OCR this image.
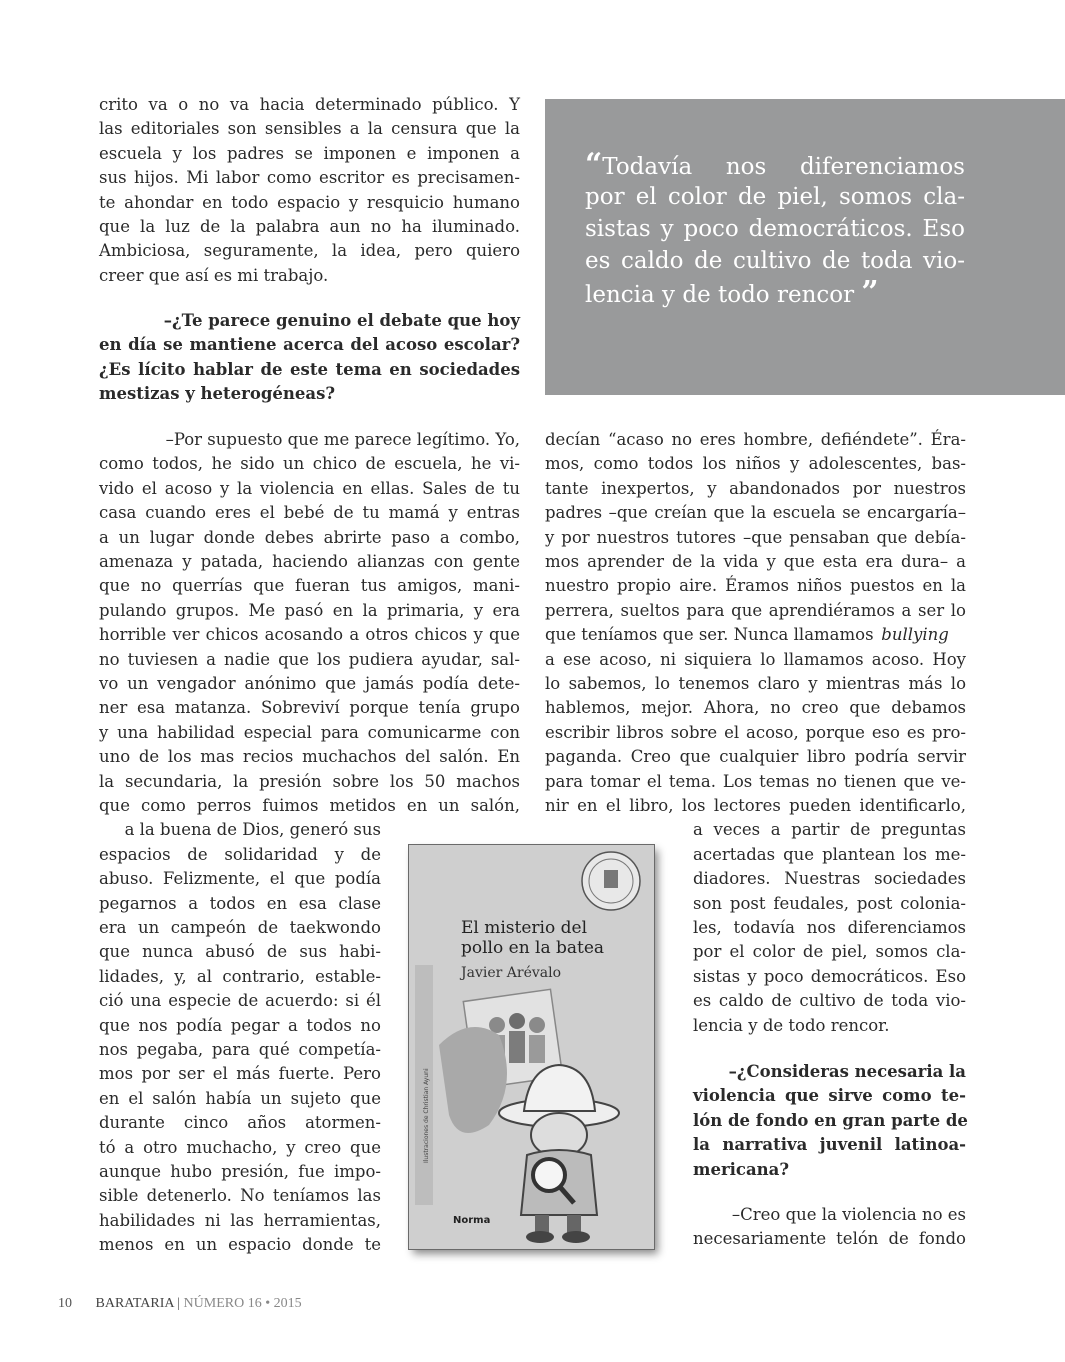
crito va o no va hacia determinado público. Y
las editoriales son sensibles a la censura que la
escuela y los padres se imponen e imponen a
sus hijos. Mi labor como escritor es precisamen-
te ahondar en todo espacio y resquicio humano
que la luz de la palabra aun no ha iluminado.
Ambiciosa, seguramente, la idea, pero quiero
creer que así es mi trabajo.
–¿Te parece genuino el debate que hoy
en día se mantiene acerca del acoso escolar?
¿Es lícito hablar de este tema en sociedades
mestizas y heterogéneas?
–Por supuesto que me parece legítimo. Yo,
como todos, he sido un chico de escuela, he vi-
vido el acoso y la violencia en ellas. Sales de tu
casa cuando eres el bebé de tu mamá y entras
a un lugar donde debes abrirte paso a combo,
amenaza y patada, haciendo alianzas con gente
que no querrías que fueran tus amigos, mani-
pulando grupos. Me pasó en la primaria, y era
horrible ver chicos acosando a otros chicos y que
no tuviesen a nadie que los pudiera ayudar, sal-
vo un vengador anónimo que jamás podía dete-
ner esa matanza. Sobreviví porque tenía grupo
y una habilidad especial para comunicarme con
uno de los mas recios muchachos del salón. En
la secundaria, la presión sobre los 50 machos
que como perros fuimos metidos en un salón,
a la buena de Dios, generó sus
espacios de solidaridad y de
abuso. Felizmente, el que podía
pegarnos a todos en esa clase
era un campeón de taekwondo
que nunca abusó de sus habi-
lidades, y, al contrario, estable-
ció una especie de acuerdo: si él
que nos podía pegar a todos no
nos pegaba, para qué competía-
mos por ser el más fuerte. Pero
en el salón había un sujeto que
durante cinco años atormen-
tó a otro muchacho, y creo que
aunque hubo presión, fue impo-
sible detenerlo. No teníamos las
habilidades ni las herramientas,
menos en un espacio donde te
“Todavía nos diferenciamos
por el color de piel, somos cla-
sistas y poco democráticos. Eso
es caldo de cultivo de toda vio-
lencia y de todo rencor ”
decían “acaso no eres hombre, defiéndete”. Éra-
mos, como todos los niños y adolescentes, bas-
tante inexpertos, y abandonados por nuestros
padres –que creían que la escuela se encargaría–
y por nuestros tutores –que pensaban que debía-
mos aprender de la vida y que esta era dura– a
nuestro propio aire. Éramos niños puestos en la
perrera, sueltos para que aprendiéramos a ser lo
que teníamos que ser. Nunca llamamos bullying
a ese acoso, ni siquiera lo llamamos acoso. Hoy
lo sabemos, lo tenemos claro y mientras más lo
hablemos, mejor. Ahora, no creo que debamos
escribir libros sobre el acoso, porque eso es pro-
paganda. Creo que cualquier libro podría servir
para tomar el tema. Los temas no tienen que ve-
nir en el libro, los lectores pueden identificarlo,
a veces a partir de preguntas
acertadas que plantean los me-
diadores. Nuestras sociedades
son post feudales, post colonia-
les, todavía nos diferenciamos
por el color de piel, somos cla-
sistas y poco democráticos. Eso
es caldo de cultivo de toda vio-
lencia y de todo rencor.
–¿Consideras necesaria la
violencia que sirve como te-
lón de fondo en gran parte de
la narrativa juvenil latinoa-
mericana?
–Creo que la violencia no es
necesariamente telón de fondo
El misterio del
pollo en la batea
Javier Arévalo
Ilustraciones de Christian Ayuni
Norma
10 BARATARIA | NÚMERO 16 • 2015
